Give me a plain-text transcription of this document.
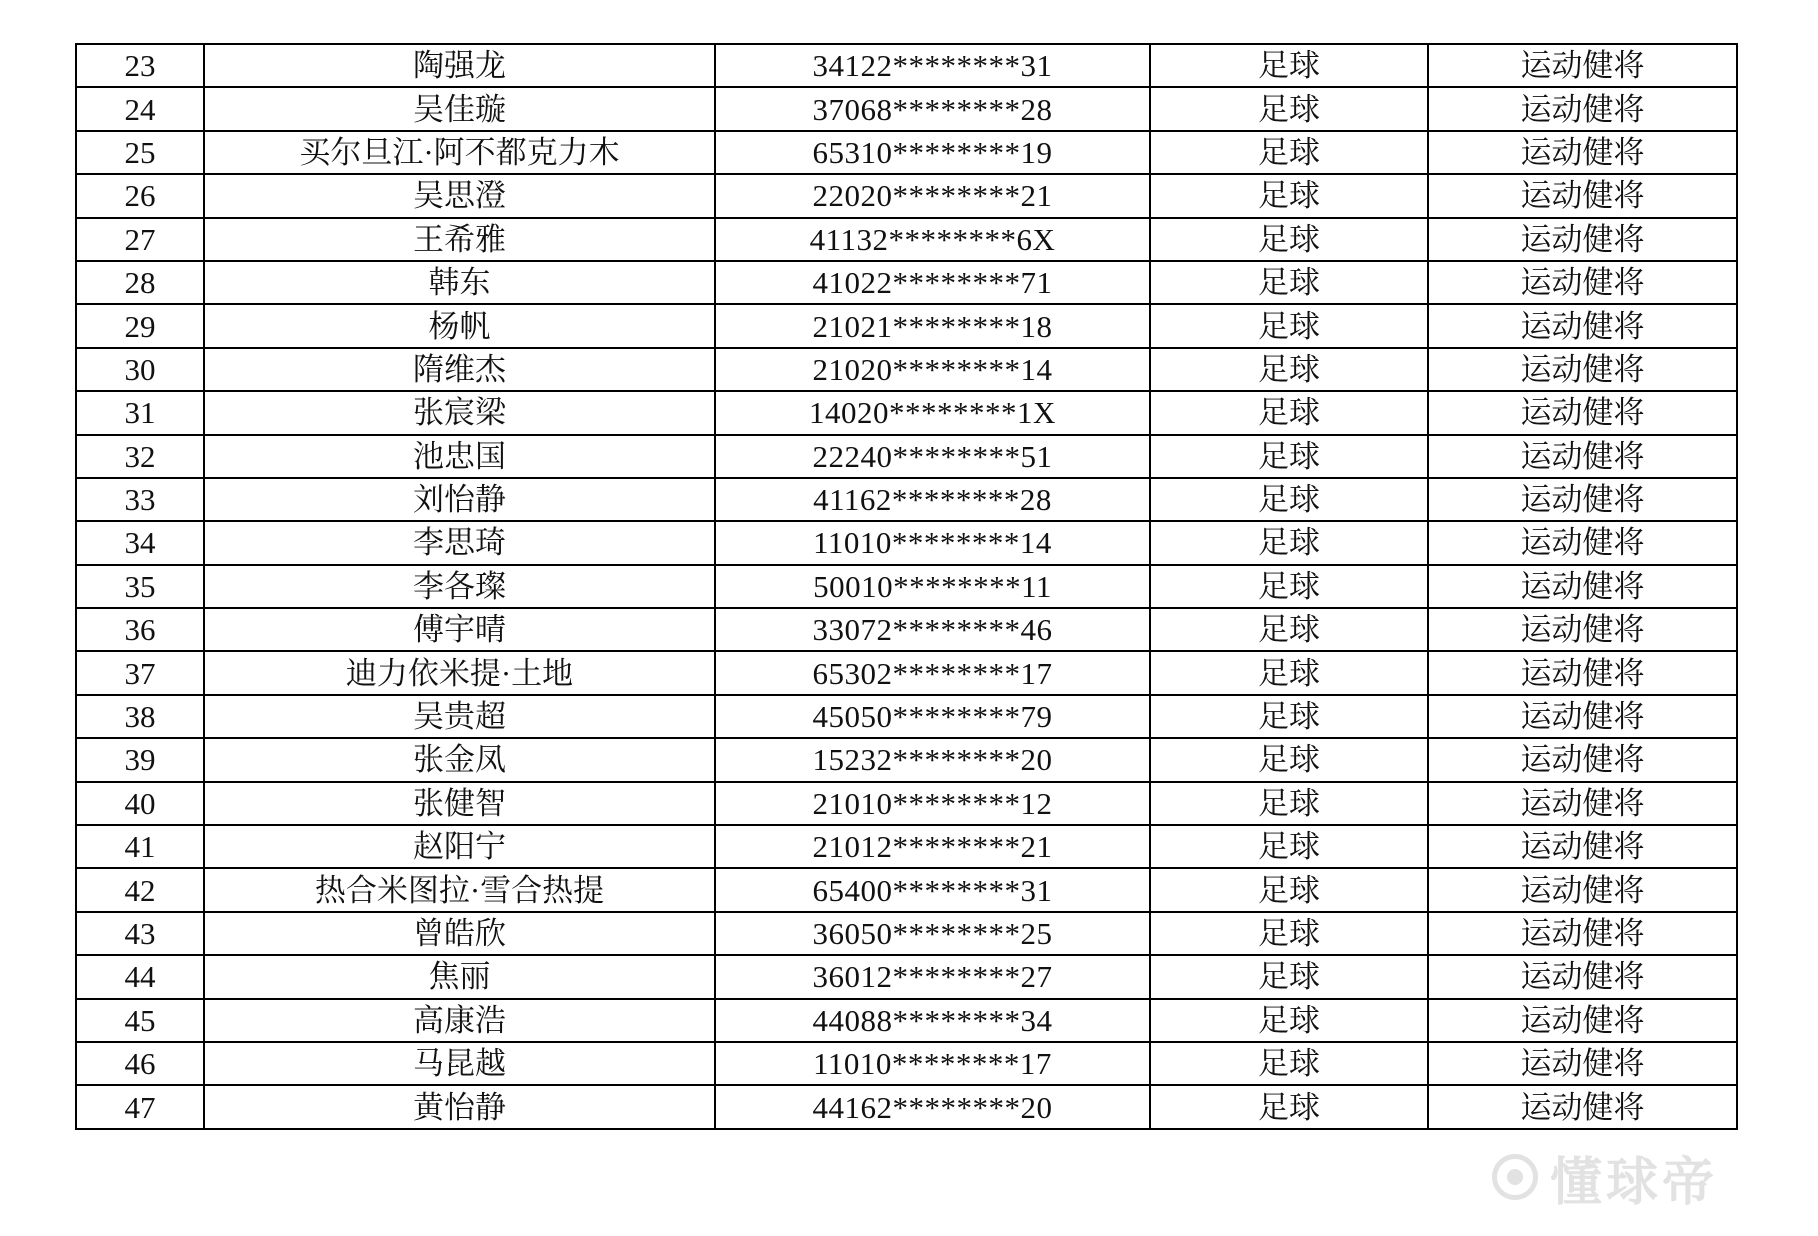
23	陶强龙	34122********31	足球	运动健将
24	吴佳璇	37068********28	足球	运动健将
25	买尔旦江·阿不都克力木	65310********19	足球	运动健将
26	吴思澄	22020********21	足球	运动健将
27	王希雅	41132********6X	足球	运动健将
28	韩东	41022********71	足球	运动健将
29	杨帆	21021********18	足球	运动健将
30	隋维杰	21020********14	足球	运动健将
31	张宸梁	14020********1X	足球	运动健将
32	池忠国	22240********51	足球	运动健将
33	刘怡静	41162********28	足球	运动健将
34	李思琦	11010********14	足球	运动健将
35	李各璨	50010********11	足球	运动健将
36	傅宇晴	33072********46	足球	运动健将
37	迪力依米提·土地	65302********17	足球	运动健将
38	吴贵超	45050********79	足球	运动健将
39	张金凤	15232********20	足球	运动健将
40	张健智	21010********12	足球	运动健将
41	赵阳宁	21012********21	足球	运动健将
42	热合米图拉·雪合热提	65400********31	足球	运动健将
43	曾皓欣	36050********25	足球	运动健将
44	焦丽	36012********27	足球	运动健将
45	高康浩	44088********34	足球	运动健将
46	马昆越	11010********17	足球	运动健将
47	黄怡静	44162********20	足球	运动健将
懂球帝
